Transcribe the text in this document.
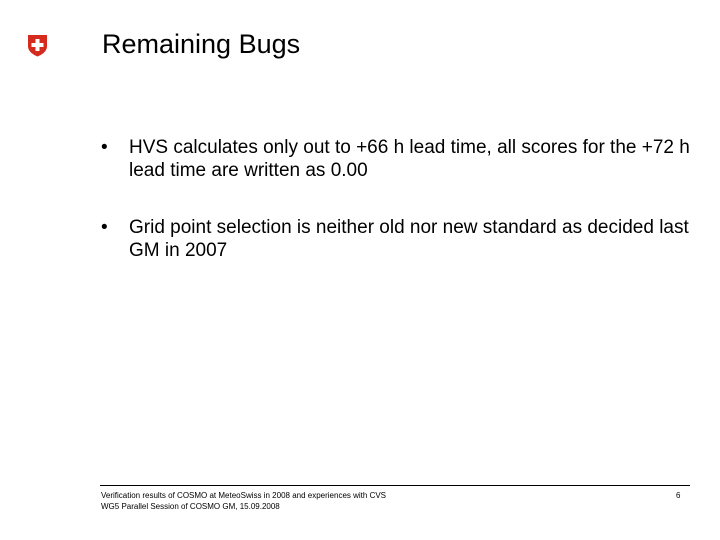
Remaining Bugs
• HVS calculates only out to +66 h lead time, all scores for the +72 h lead time are written as 0.00
• Grid point selection is neither old nor new standard as decided last GM in 2007
Verification results of COSMO at MeteoSwiss in 2008 and experiences with CVS
WG5 Parallel Session of COSMO GM, 15.09.2008
6
